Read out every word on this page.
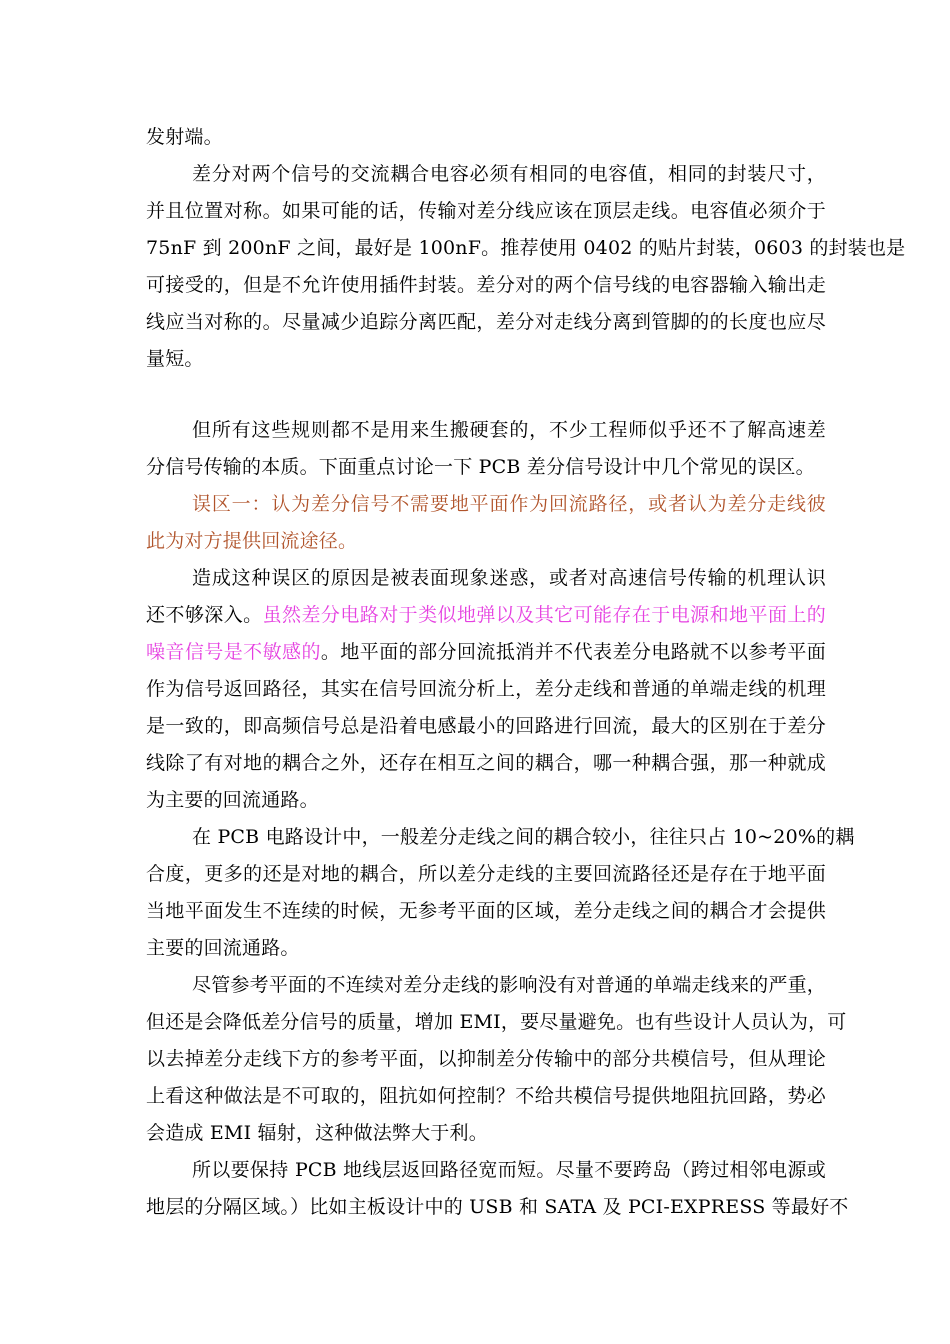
发射端。
差分对两个信号的交流耦合电容必须有相同的电容值，相同的封装尺寸，
并且位置对称。如果可能的话，传输对差分线应该在顶层走线。电容值必须介于
75nF 到 200nF 之间，最好是 100nF。推荐使用 0402 的贴片封装，0603 的封装也是
可接受的，但是不允许使用插件封装。差分对的两个信号线的电容器输入输出走
线应当对称的。尽量减少追踪分离匹配，差分对走线分离到管脚的的长度也应尽
量短。
但所有这些规则都不是用来生搬硬套的，不少工程师似乎还不了解高速差
分信号传输的本质。下面重点讨论一下 PCB 差分信号设计中几个常见的误区。
误区一：认为差分信号不需要地平面作为回流路径，或者认为差分走线彼
此为对方提供回流途径。
造成这种误区的原因是被表面现象迷惑，或者对高速信号传输的机理认识
还不够深入。虽然差分电路对于类似地弹以及其它可能存在于电源和地平面上的
噪音信号是不敏感的。地平面的部分回流抵消并不代表差分电路就不以参考平面
作为信号返回路径，其实在信号回流分析上，差分走线和普通的单端走线的机理
是一致的，即高频信号总是沿着电感最小的回路进行回流，最大的区别在于差分
线除了有对地的耦合之外，还存在相互之间的耦合，哪一种耦合强，那一种就成
为主要的回流通路。
在 PCB 电路设计中，一般差分走线之间的耦合较小，往往只占 10~20%的耦
合度，更多的还是对地的耦合，所以差分走线的主要回流路径还是存在于地平面
当地平面发生不连续的时候，无参考平面的区域，差分走线之间的耦合才会提供
主要的回流通路。
尽管参考平面的不连续对差分走线的影响没有对普通的单端走线来的严重，
但还是会降低差分信号的质量，增加 EMI，要尽量避免。也有些设计人员认为，可
以去掉差分走线下方的参考平面，以抑制差分传输中的部分共模信号，但从理论
上看这种做法是不可取的，阻抗如何控制？不给共模信号提供地阻抗回路，势必
会造成 EMI 辐射，这种做法弊大于利。
所以要保持 PCB 地线层返回路径宽而短。尽量不要跨岛（跨过相邻电源或
地层的分隔区域。）比如主板设计中的 USB 和 SATA 及 PCI-EXPRESS 等最好不
